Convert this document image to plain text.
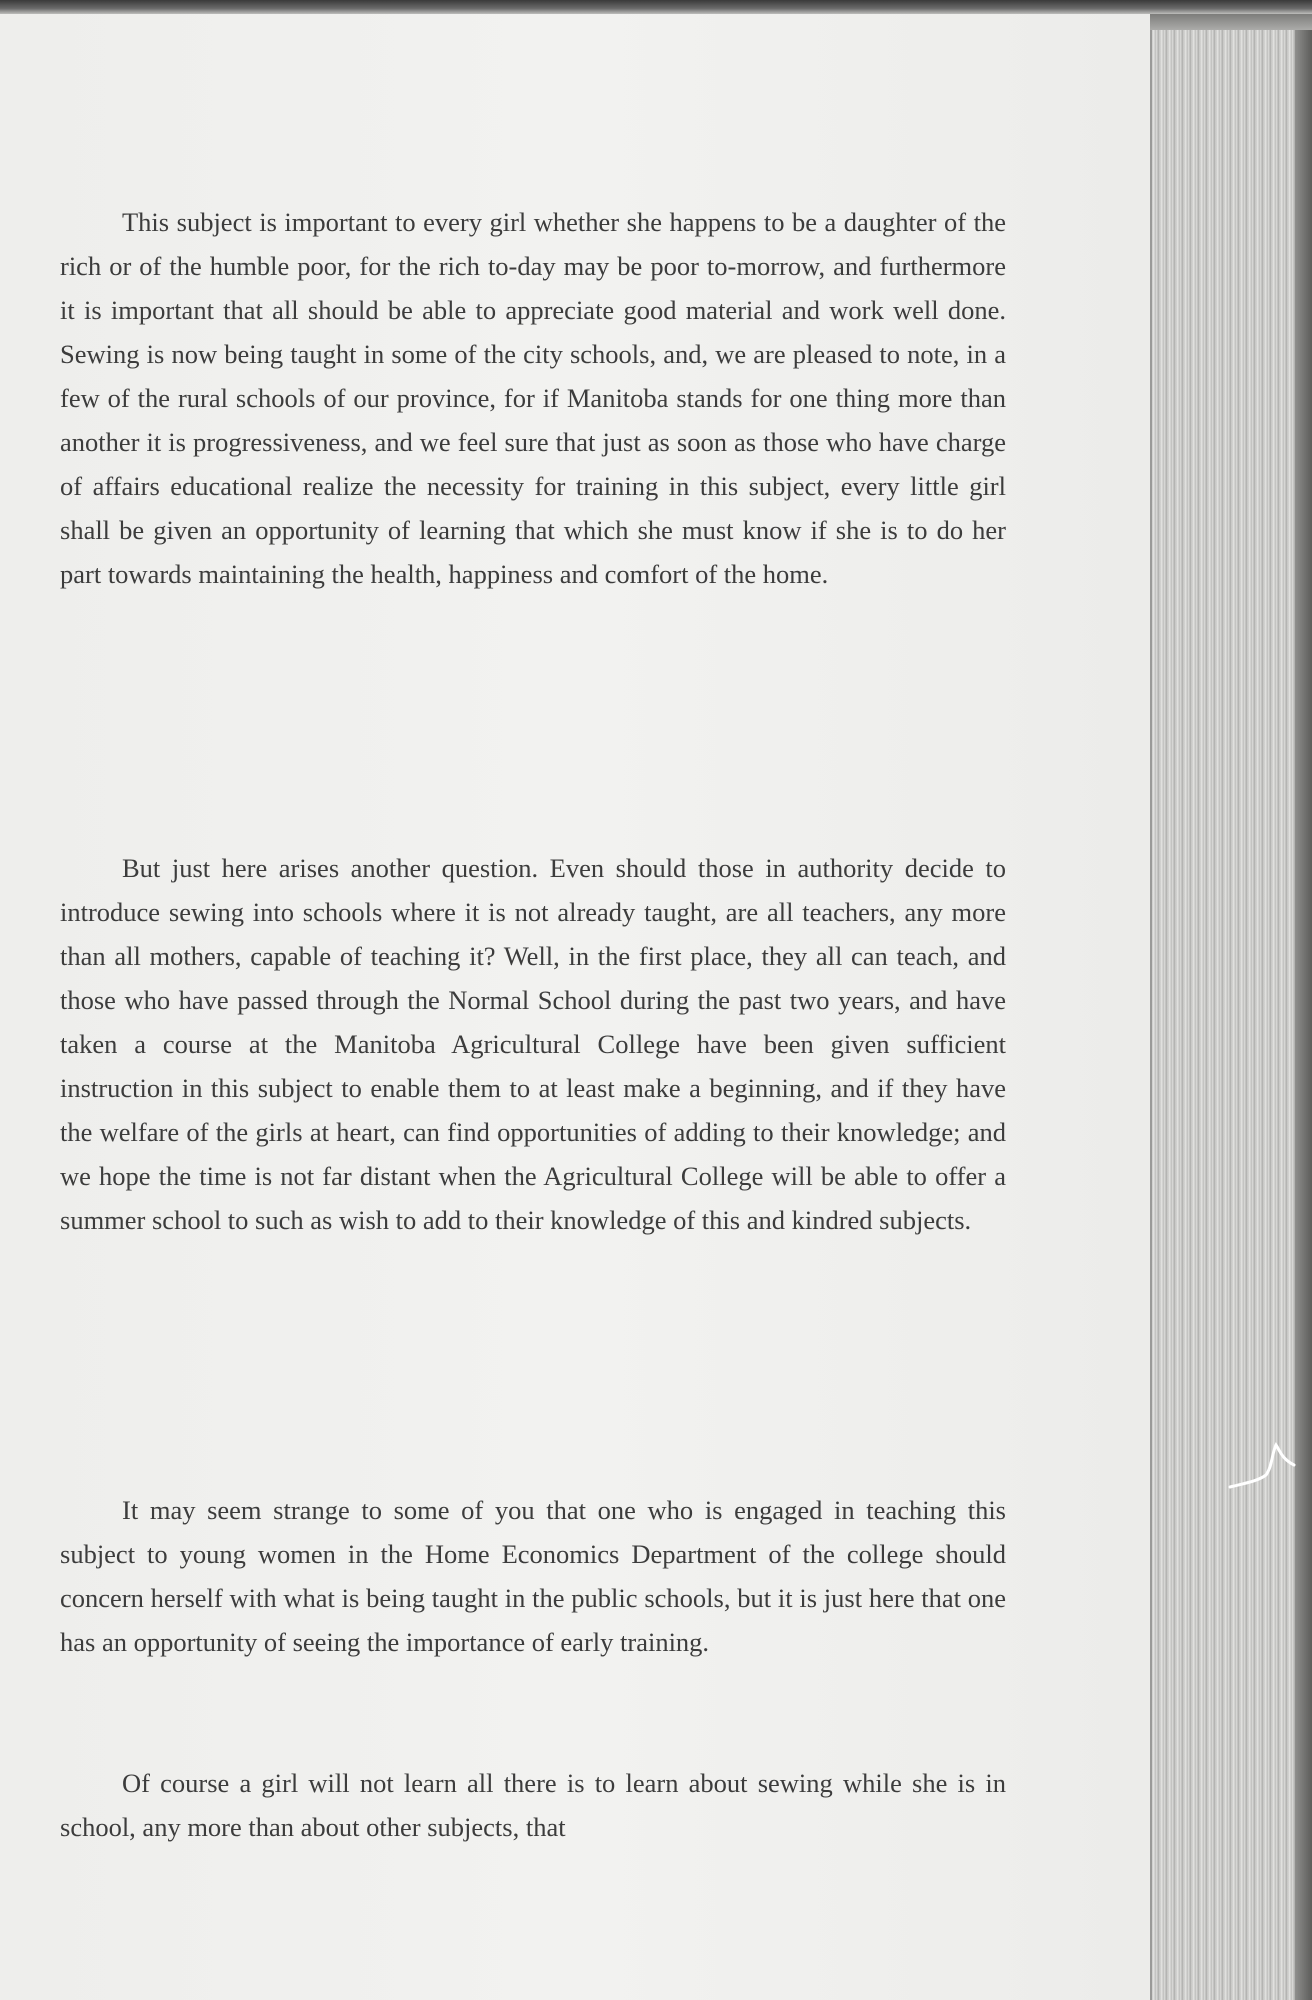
This subject is important to every girl whether she happens to be a daughter of the rich or of the humble poor, for the rich to-day may be poor to-morrow, and furthermore it is important that all should be able to appreciate good material and work well done. Sewing is now being taught in some of the city schools, and, we are pleased to note, in a few of the rural schools of our province, for if Manitoba stands for one thing more than another it is progressiveness, and we feel sure that just as soon as those who have charge of affairs educational realize the necessity for training in this subject, every little girl shall be given an opportunity of learning that which she must know if she is to do her part towards maintaining the health, happiness and comfort of the home.

But just here arises another question. Even should those in authority decide to introduce sewing into schools where it is not already taught, are all teachers, any more than all mothers, capable of teaching it? Well, in the first place, they all can teach, and those who have passed through the Normal School during the past two years, and have taken a course at the Manitoba Agricultural College have been given sufficient instruction in this subject to enable them to at least make a beginning, and if they have the welfare of the girls at heart, can find opportunities of adding to their knowledge; and we hope the time is not far distant when the Agricultural College will be able to offer a summer school to such as wish to add to their knowledge of this and kindred subjects.

It may seem strange to some of you that one who is engaged in teaching this subject to young women in the Home Economics Department of the college should concern herself with what is being taught in the public schools, but it is just here that one has an opportunity of seeing the importance of early training.

Of course a girl will not learn all there is to learn about sewing while she is in school, any more than about other subjects, that
